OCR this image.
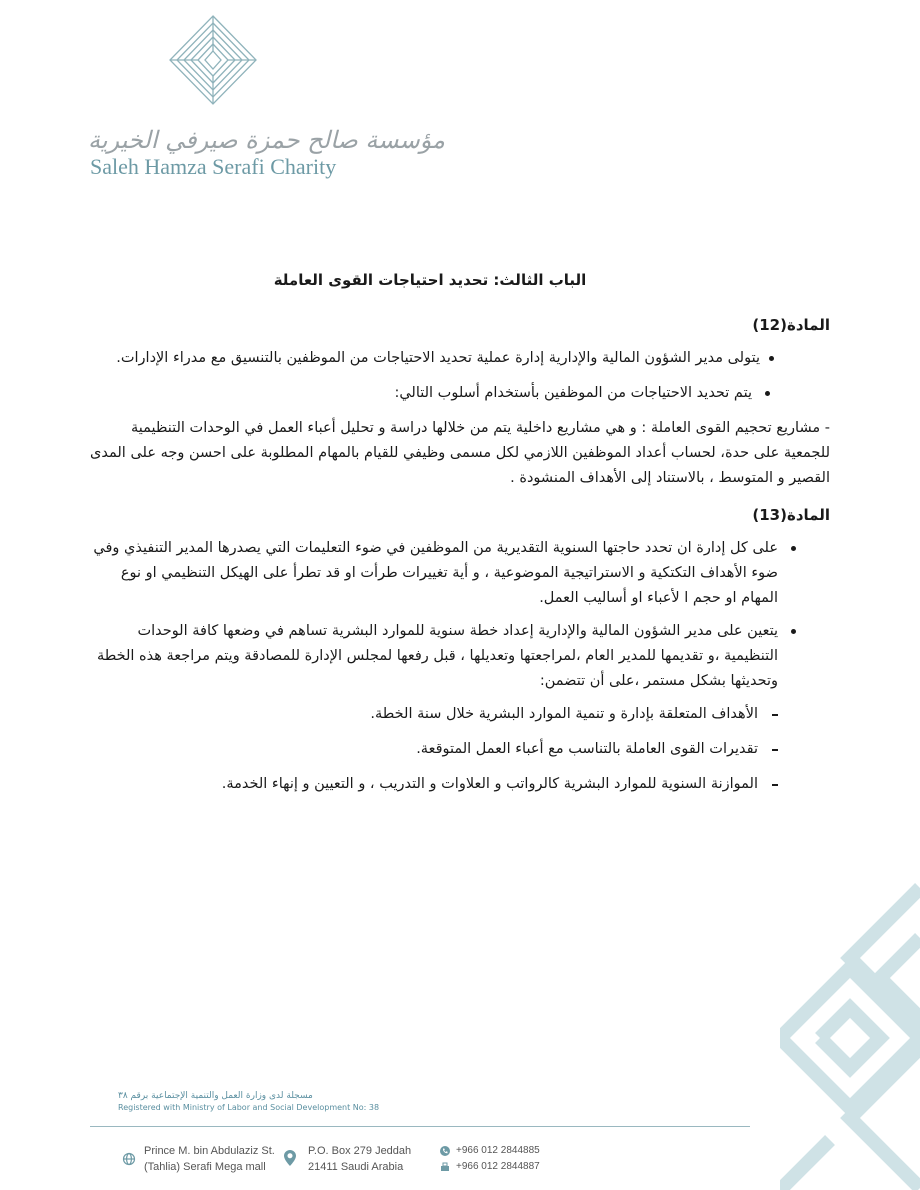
مؤسسة صالح حمزة صيرفي الخيرية
Saleh Hamza Serafi Charity
الباب الثالث: تحديد احتياجات القوى العاملة
المادة(12)
يتولى مدير الشؤون المالية والإدارية إدارة عملية تحديد الاحتياجات من الموظفين بالتنسيق مع مدراء الإدارات.
يتم تحديد الاحتياجات من الموظفين بأستخدام أسلوب التالي:
- مشاريع تحجيم القوى العاملة : و هي مشاريع داخلية يتم من خلالها دراسة و تحليل أعباء العمل في الوحدات التنظيمية للجمعية على حدة، لحساب أعداد الموظفين اللازمي لكل مسمى وظيفي للقيام بالمهام المطلوبة على احسن وجه على المدى القصير و المتوسط ، بالاستناد إلى الأهداف المنشودة .
المادة(13)
على كل إدارة ان تحدد حاجتها السنوية التقديرية من الموظفين في ضوء التعليمات التي يصدرها المدير التنفيذي وفي ضوء الأهداف التكتكية و الاستراتيجية الموضوعية ، و أية تغييرات طرأت او قد تطرأ على الهيكل التنظيمي او نوع المهام او حجم ا لأعباء او أساليب العمل.
يتعين على مدير الشؤون المالية والإدارية إعداد خطة سنوية للموارد البشرية تساهم في وضعها كافة الوحدات التنظيمية ،و تقديمها للمدير العام ،لمراجعتها وتعديلها ، قبل رفعها لمجلس الإدارة للمصادقة ويتم مراجعة هذه الخطة وتحديثها بشكل مستمر ،على أن تتضمن:
الأهداف المتعلقة بإدارة و تنمية الموارد البشرية خلال سنة الخطة.
تقديرات القوى العاملة بالتناسب مع أعباء العمل المتوقعة.
الموازنة السنوية للموارد البشرية كالرواتب و العلاوات و التدريب ، و التعيين و إنهاء الخدمة.
مسجلة لدى وزارة العمل والتنمية الإجتماعية برقم ٣٨
Registered with Ministry of Labor and Social Development No: 38
Prince M. bin Abdulaziz St.
(Tahlia) Serafi Mega mall
P.O. Box 279 Jeddah
21411 Saudi Arabia
+966 012 2844885
+966 012 2844887
